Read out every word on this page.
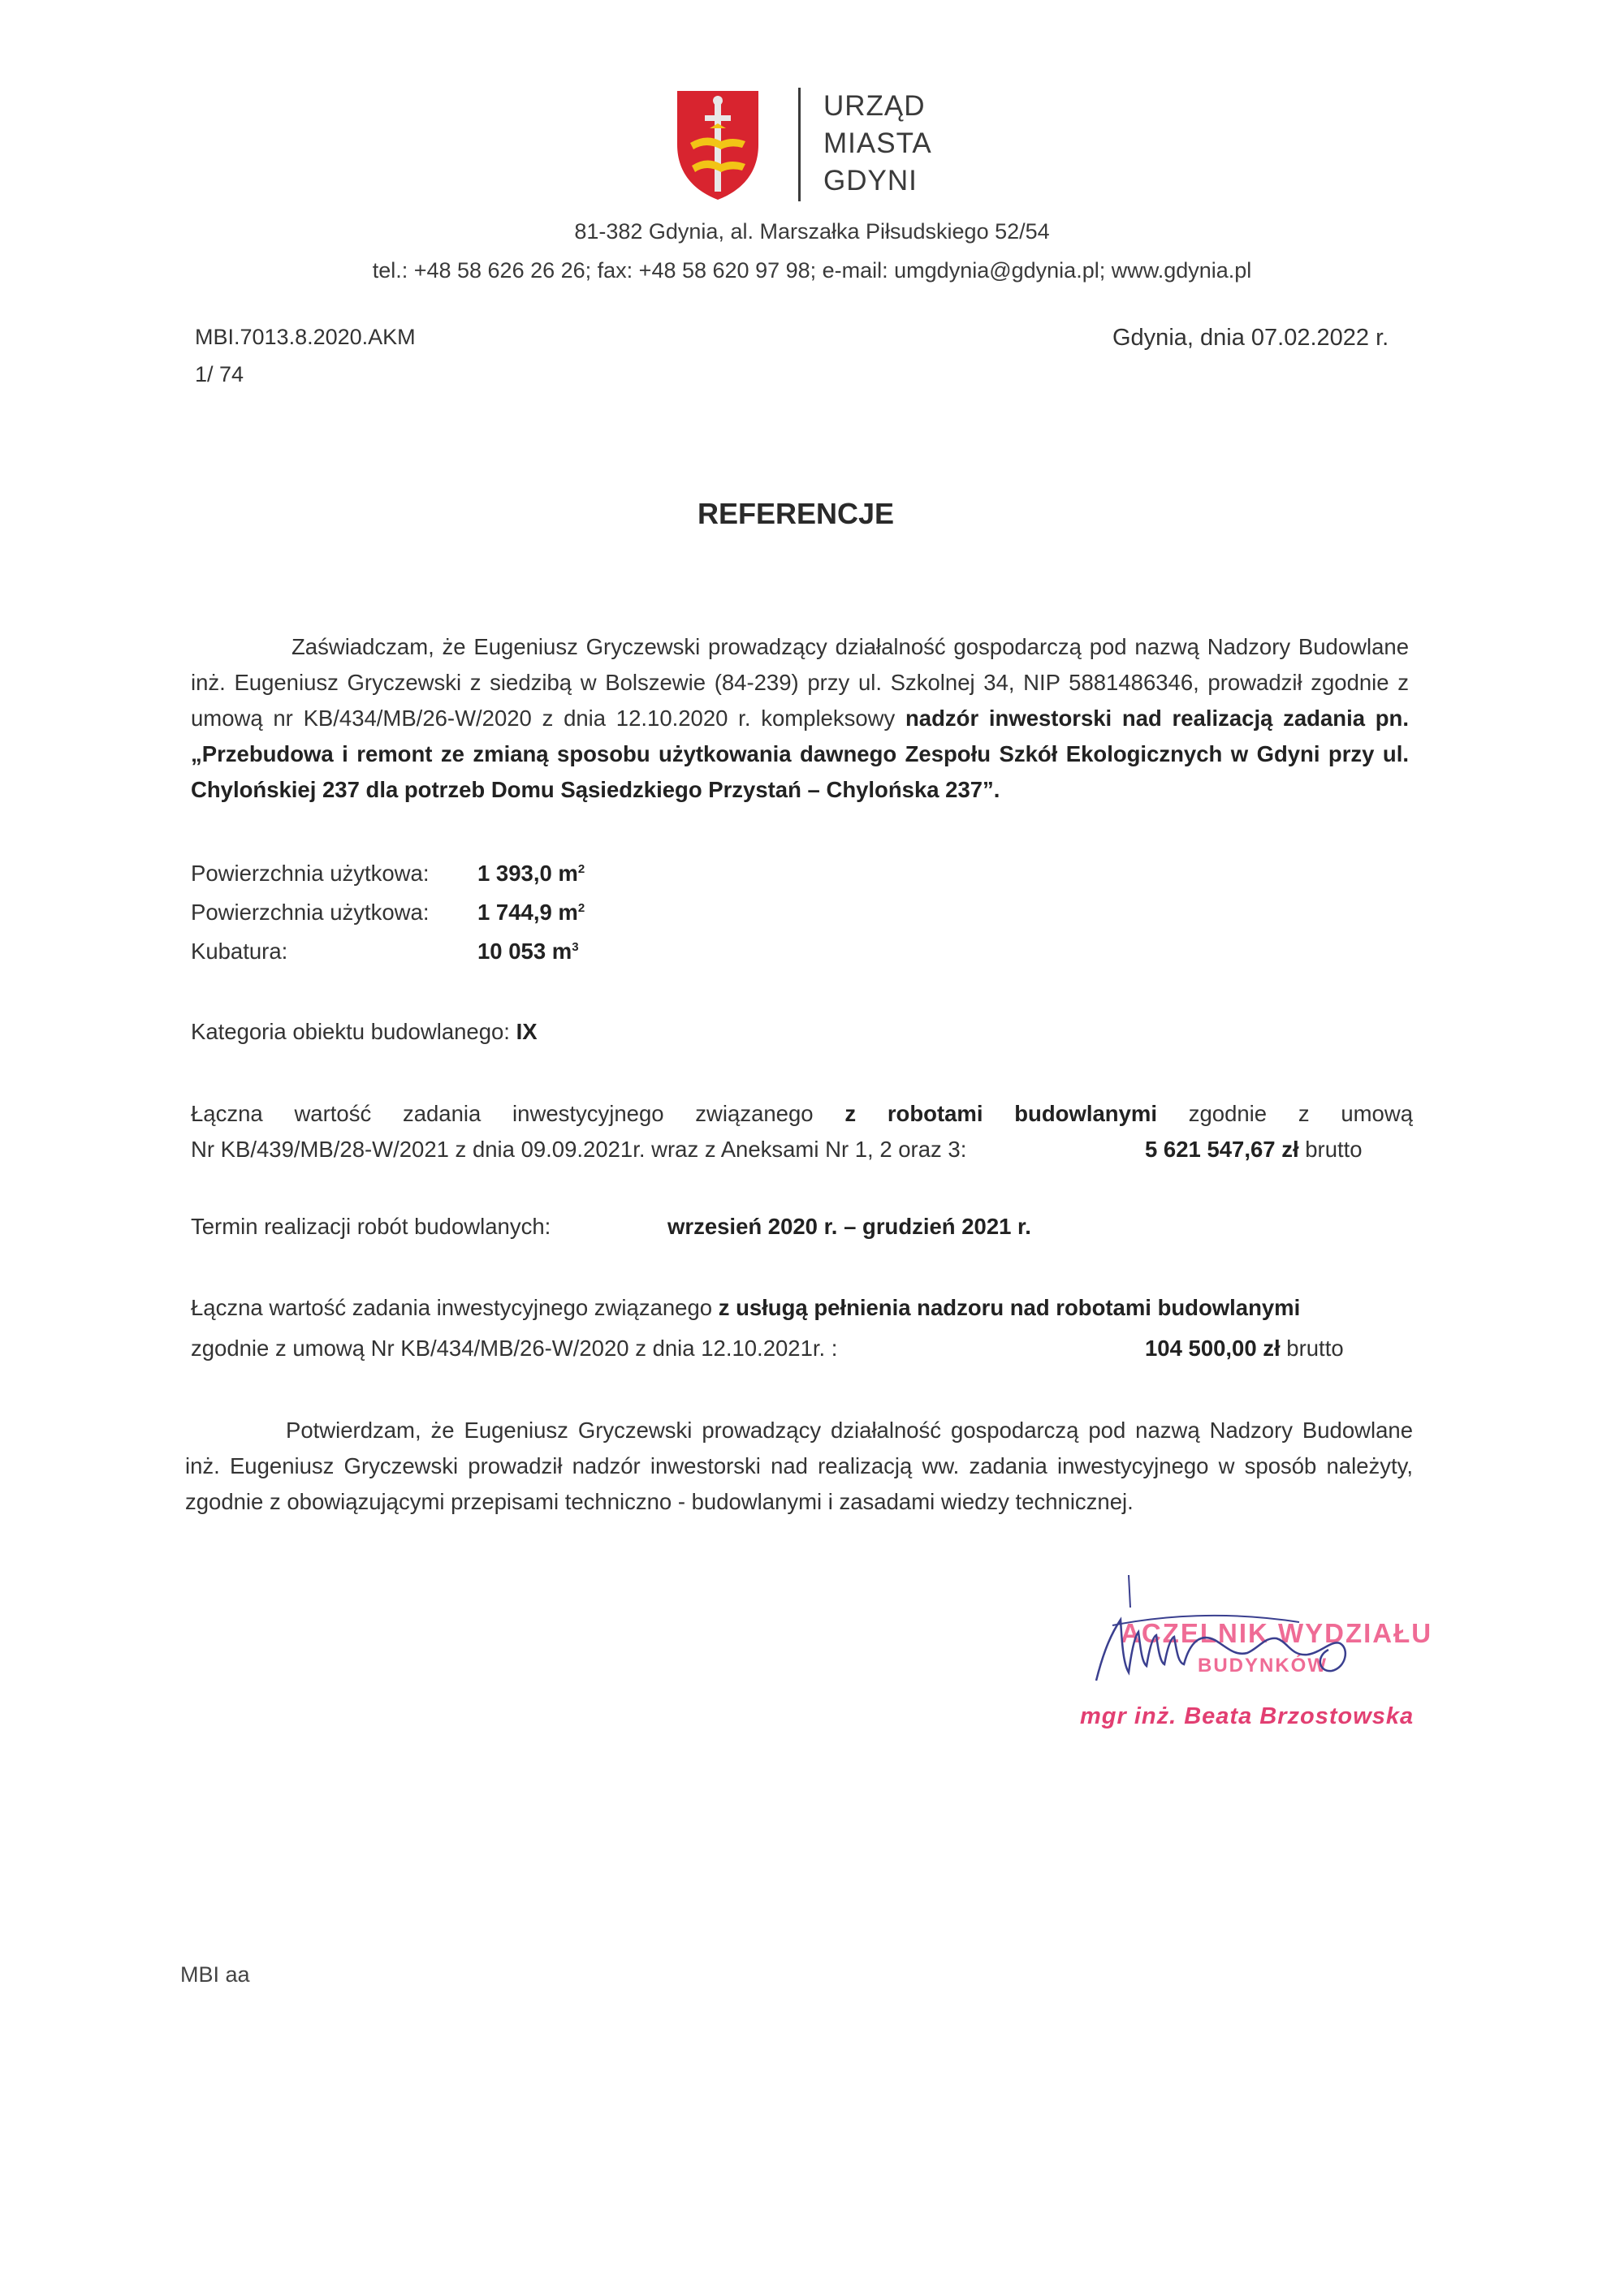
URZĄD
MIASTA
GDYNI
81-382 Gdynia, al. Marszałka Piłsudskiego 52/54
tel.: +48 58 626 26 26; fax: +48 58 620 97 98; e-mail: umgdynia@gdynia.pl; www.gdynia.pl
MBI.7013.8.2020.AKM
1/ 74
Gdynia, dnia 07.02.2022 r.
REFERENCJE
Zaświadczam, że Eugeniusz Gryczewski prowadzący działalność gospodarczą pod nazwą Nadzory Budowlane inż. Eugeniusz Gryczewski z siedzibą w Bolszewie (84-239) przy ul. Szkolnej 34, NIP 5881486346, prowadził zgodnie z umową nr KB/434/MB/26-W/2020 z dnia 12.10.2020 r. kompleksowy nadzór inwestorski nad realizacją zadania pn. „Przebudowa i remont ze zmianą sposobu użytkowania dawnego Zespołu Szkół Ekologicznych w Gdyni przy ul. Chylońskiej 237 dla potrzeb Domu Sąsiedzkiego Przystań – Chylońska 237”.
Powierzchnia użytkowa: 1 393,0 $m^2$
Powierzchnia użytkowa: 1 744,9 $m^2$
Kubatura:	10 053 $m^3$
Kategoria obiektu budowlanego: IX
Łączna wartość zadania inwestycyjnego związanego z robotami budowlanymi zgodnie z umową
Nr KB/439/MB/28-W/2021 z dnia 09.09.2021r. wraz z Aneksami Nr 1, 2 oraz 3:	5 621 547,67 zł brutto
Termin realizacji robót budowlanych:	wrzesień 2020 r. – grudzień 2021 r.
Łączna wartość zadania inwestycyjnego związanego z usługą pełnienia nadzoru nad robotami budowlanymi
zgodnie z umową Nr KB/434/MB/26-W/2020 z dnia 12.10.2021r. :	104 500,00 zł brutto
Potwierdzam, że Eugeniusz Gryczewski prowadzący działalność gospodarczą pod nazwą Nadzory Budowlane inż. Eugeniusz Gryczewski prowadził nadzór inwestorski nad realizacją ww. zadania inwestycyjnego w sposób należyty, zgodnie z obowiązującymi przepisami techniczno - budowlanymi i zasadami wiedzy technicznej.
ACZELNIK WYDZIAŁU
BUDYNKÓW
mgr inż. Beata Brzostowska
MBI aa
